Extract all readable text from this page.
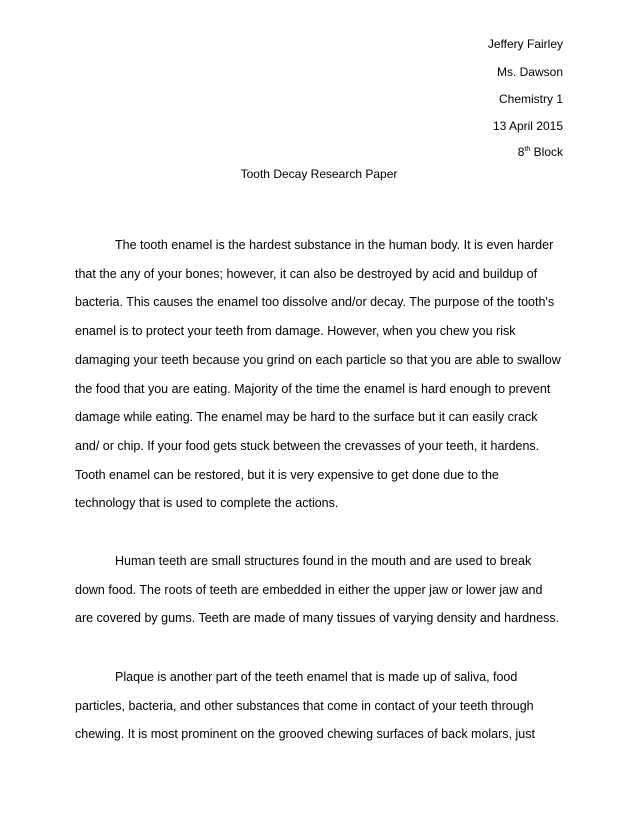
Jeffery Fairley
Ms. Dawson
Chemistry 1
13 April 2015
8th Block
Tooth Decay Research Paper
The tooth enamel is the hardest substance in the human body. It is even harder
that the any of your bones; however, it can also be destroyed by acid and buildup of
bacteria. This causes the enamel too dissolve and/or decay. The purpose of the tooth's
enamel is to protect your teeth from damage. However, when you chew you risk
damaging your teeth because you grind on each particle so that you are able to swallow
the food that you are eating. Majority of the time the enamel is hard enough to prevent
damage while eating. The enamel may be hard to the surface but it can easily crack
and/ or chip. If your food gets stuck between the crevasses of your teeth, it hardens.
Tooth enamel can be restored, but it is very expensive to get done due to the
technology that is used to complete the actions.
Human teeth are small structures found in the mouth and are used to break
down food. The roots of teeth are embedded in either the upper jaw or lower jaw and
are covered by gums. Teeth are made of many tissues of varying density and hardness.
Plaque is another part of the teeth enamel that is made up of saliva, food
particles, bacteria, and other substances that come in contact of your teeth through
chewing. It is most prominent on the grooved chewing surfaces of back molars, just
